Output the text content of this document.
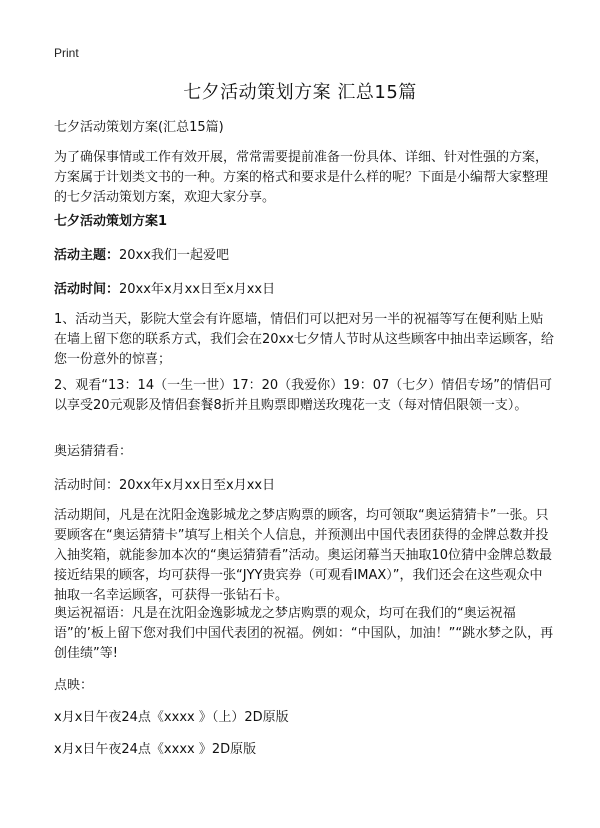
Print
七夕活动策划方案 汇总15篇

七夕活动策划方案(汇总15篇)

为了确保事情或工作有效开展，常常需要提前准备一份具体、详细、针对性强的方案，方案属于计划类文书的一种。方案的格式和要求是什么样的呢？下面是小编帮大家整理的七夕活动策划方案，欢迎大家分享。

七夕活动策划方案1

活动主题：20xx我们一起爱吧

活动时间：20xx年x月xx日至x月xx日

1、活动当天，影院大堂会有许愿墙，情侣们可以把对另一半的祝福等写在便利贴上贴在墙上留下您的联系方式，我们会在20xx七夕情人节时从这些顾客中抽出幸运顾客，给您一份意外的惊喜；

2、观看“13：14（一生一世）17：20（我爱你）19：07（七夕）情侣专场”的情侣可以享受20元观影及情侣套餐8折并且购票即赠送玫瑰花一支（每对情侣限领一支）。

奥运猜猜看：

活动时间：20xx年x月xx日至x月xx日

活动期间，凡是在沈阳金逸影城龙之梦店购票的顾客，均可领取“奥运猜猜卡”一张。只要顾客在“奥运猜猜卡”填写上相关个人信息，并预测出中国代表团获得的金牌总数并投入抽奖箱，就能参加本次的“奥运猜猜看”活动。奥运闭幕当天抽取10位猜中金牌总数最接近结果的顾客，均可获得一张“JYY贵宾券（可观看IMAX）”，我们还会在这些观众中抽取一名幸运顾客，可获得一张钻石卡。

奥运祝福语：凡是在沈阳金逸影城龙之梦店购票的观众，均可在我们的“奥运祝福语”的’板上留下您对我们中国代表团的祝福。例如：“中国队，加油！”“跳水梦之队，再创佳绩”等!

点映：

x月x日午夜24点《xxxx 》（上）2D原版

x月x日午夜24点《xxxx 》2D原版
